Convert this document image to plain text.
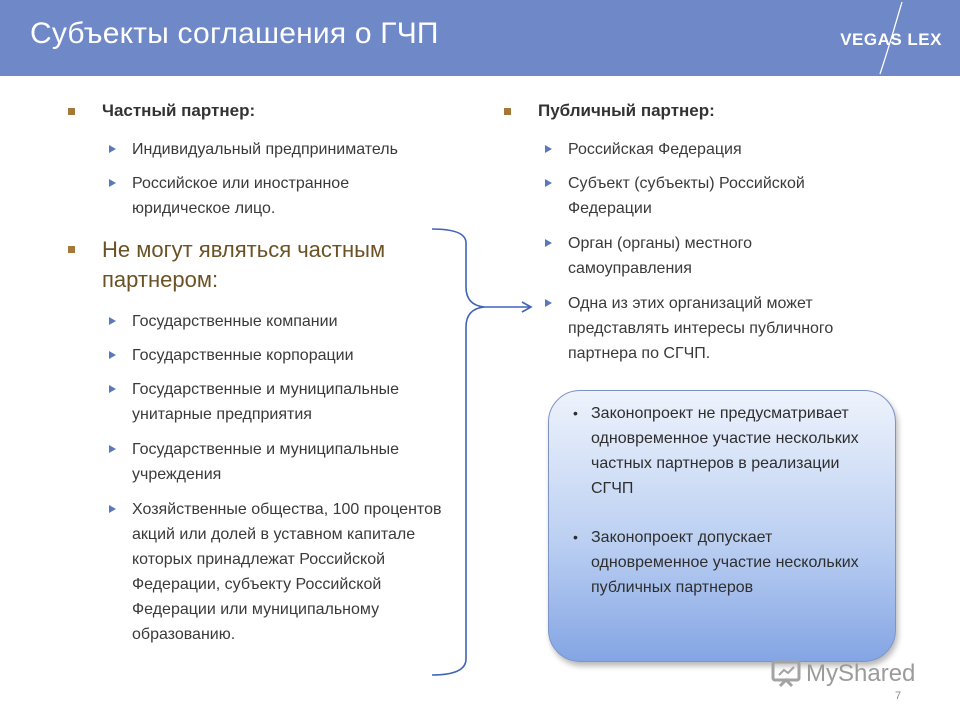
Субъекты соглашения о ГЧП	VEGAS LEX
Частный партнер:
Индивидуальный предприниматель
Российское или иностранное юридическое лицо.
Не могут являться частным партнером:
Государственные компании
Государственные корпорации
Государственные и муниципальные унитарные предприятия
Государственные и муниципальные учреждения
Хозяйственные общества, 100 процентов акций или долей в уставном капитале которых принадлежат Российской Федерации, субъекту Российской Федерации или муниципальному образованию.
Публичный партнер:
Российская Федерация
Субъект (субъекты) Российской Федерации
Орган (органы) местного самоуправления
Одна из этих организаций может представлять интересы публичного партнера по СГЧП.
• Законопроект не предусматривает одновременное участие нескольких частных партнеров в реализации СГЧП
• Законопроект допускает одновременное участие нескольких публичных партнеров
MyShared
7
